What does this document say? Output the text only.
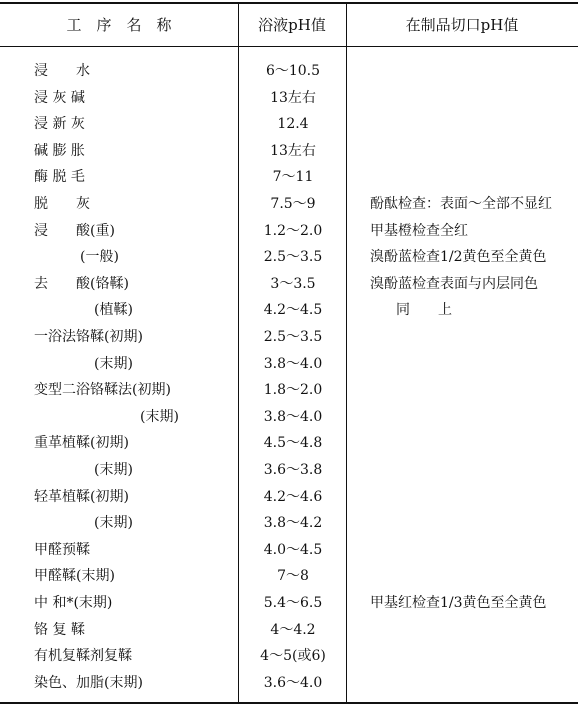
工　序　名　称	浴液pH值	在制品切口pH值
浸　　水	6～10.5
浸 灰 碱	13左右
浸 新 灰	12.4
碱 膨 胀	13左右
酶 脱 毛	7～11
脱　　灰	7.5～9	酚酞检查：表面～全部不显红
浸　　酸(重)	1.2～2.0	甲基橙检查全红
(一般)	2.5～3.5	溴酚蓝检查1/2黄色至全黄色
去　　酸(铬鞣)	3～3.5	溴酚蓝检查表面与内层同色
(植鞣)	4.2～4.5	同　　上
一浴法铬鞣(初期)	2.5～3.5
(末期)	3.8～4.0
变型二浴铬鞣法(初期)	1.8～2.0
(末期)	3.8～4.0
重革植鞣(初期)	4.5～4.8
(末期)	3.6～3.8
轻革植鞣(初期)	4.2～4.6
(末期)	3.8～4.2
甲醛预鞣	4.0～4.5
甲醛鞣(末期)	7～8
中 和*(末期)	5.4～6.5	甲基红检查1/3黄色至全黄色
铬 复 鞣	4～4.2
有机复鞣剂复鞣	4～5(或6)
染色、加脂(末期)	3.6～4.0
